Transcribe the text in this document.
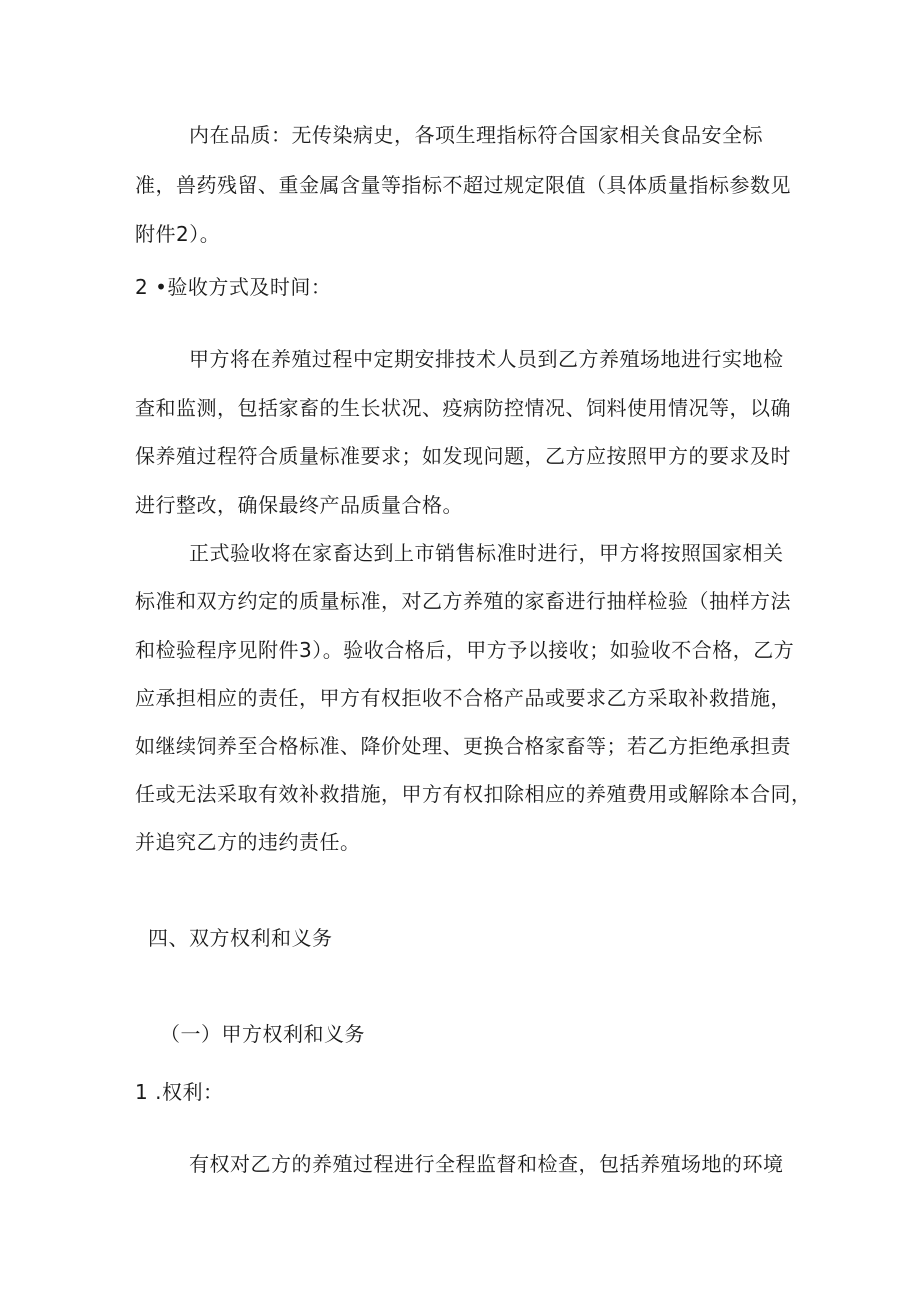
内在品质：无传染病史，各项生理指标符合国家相关食品安全标
准，兽药残留、重金属含量等指标不超过规定限值（具体质量指标参数见
附件2）。
2 •验收方式及时间：
甲方将在养殖过程中定期安排技术人员到乙方养殖场地进行实地检
查和监测，包括家畜的生长状况、疫病防控情况、饲料使用情况等，以确
保养殖过程符合质量标准要求；如发现问题，乙方应按照甲方的要求及时
进行整改，确保最终产品质量合格。
正式验收将在家畜达到上市销售标准时进行，甲方将按照国家相关
标准和双方约定的质量标准，对乙方养殖的家畜进行抽样检验（抽样方法
和检验程序见附件3）。验收合格后，甲方予以接收；如验收不合格，乙方
应承担相应的责任，甲方有权拒收不合格产品或要求乙方采取补救措施，
如继续饲养至合格标准、降价处理、更换合格家畜等；若乙方拒绝承担责
任或无法采取有效补救措施，甲方有权扣除相应的养殖费用或解除本合同，
并追究乙方的违约责任。
四、双方权利和义务
（一）甲方权利和义务
1 .权利：
有权对乙方的养殖过程进行全程监督和检查，包括养殖场地的环境
